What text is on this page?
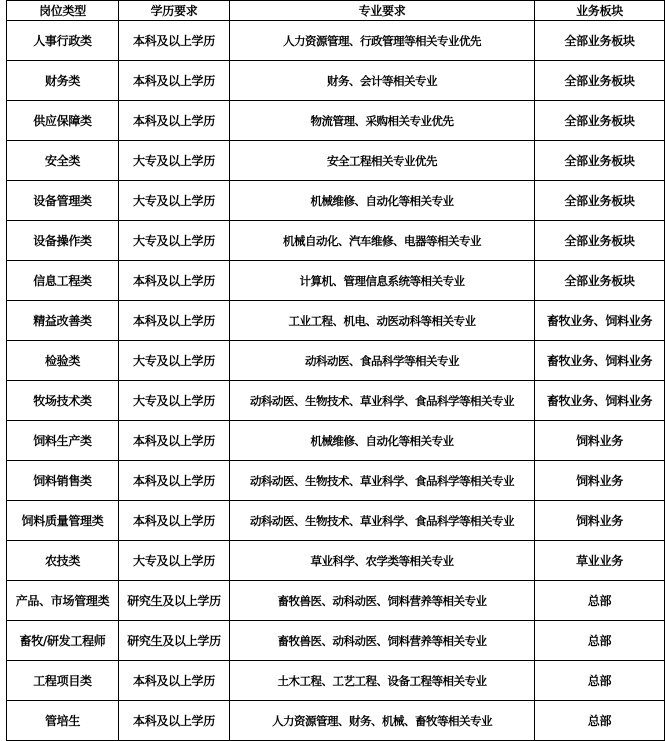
岗位类型	学历要求	专业要求	业务板块
人事行政类	本科及以上学历	人力资源管理、行政管理等相关专业优先	全部业务板块
财务类	本科及以上学历	财务、会计等相关专业	全部业务板块
供应保障类	本科及以上学历	物流管理、采购相关专业优先	全部业务板块
安全类	大专及以上学历	安全工程相关专业优先	全部业务板块
设备管理类	大专及以上学历	机械维修、自动化等相关专业	全部业务板块
设备操作类	大专及以上学历	机械自动化、汽车维修、电器等相关专业	全部业务板块
信息工程类	本科及以上学历	计算机、管理信息系统等相关专业	全部业务板块
精益改善类	本科及以上学历	工业工程、机电、动医动科等相关专业	畜牧业务、饲料业务
检验类	大专及以上学历	动科动医、食品科学等相关专业	畜牧业务、饲料业务
牧场技术类	大专及以上学历	动科动医、生物技术、草业科学、食品科学等相关专业	畜牧业务、饲料业务
饲料生产类	本科及以上学历	机械维修、自动化等相关专业	饲料业务
饲料销售类	本科及以上学历	动科动医、生物技术、草业科学、食品科学等相关专业	饲料业务
饲料质量管理类	本科及以上学历	动科动医、生物技术、草业科学、食品科学等相关专业	饲料业务
农技类	大专及以上学历	草业科学、农学类等相关专业	草业业务
产品、市场管理类	研究生及以上学历	畜牧兽医、动科动医、饲料营养等相关专业	总部
畜牧/研发工程师	研究生及以上学历	畜牧兽医、动科动医、饲料营养等相关专业	总部
工程项目类	本科及以上学历	土木工程、工艺工程、设备工程等相关专业	总部
管培生	本科及以上学历	人力资源管理、财务、机械、畜牧等相关专业	总部
